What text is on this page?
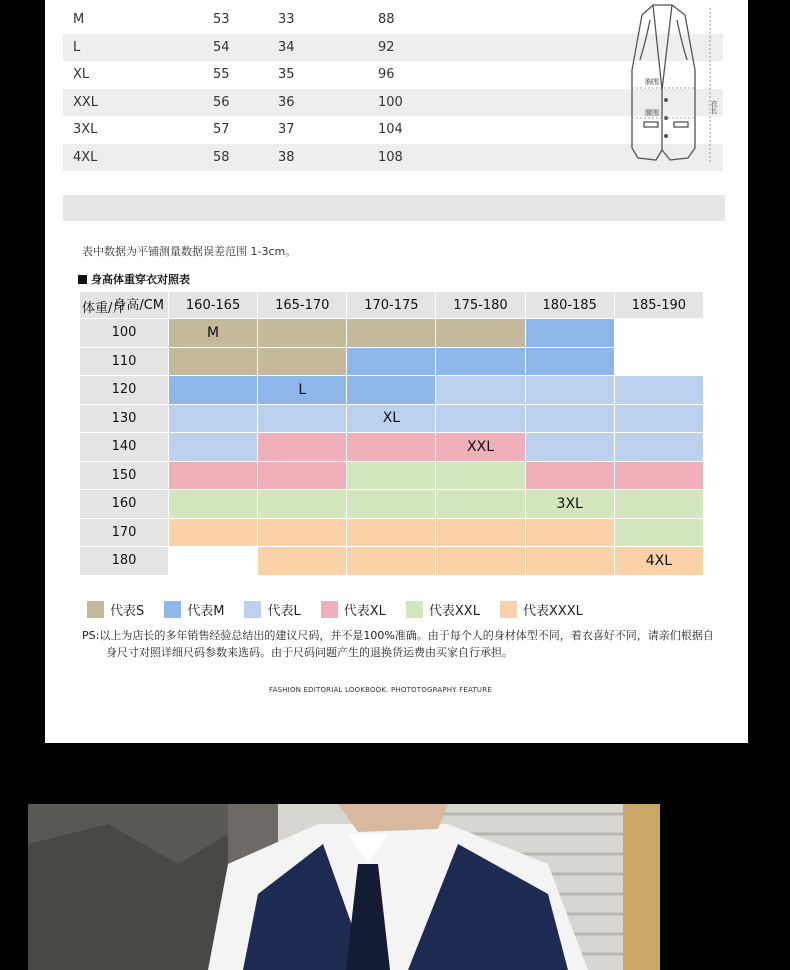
M	53	33	88
L	54	34	92
XL	55	35	96
XXL	56	36	100
3XL	57	37	104
4XL	58	38	108
胸围
腰围	衣长
表中数据为平铺测量数据误差范围 1-3cm。
身高体重穿衣对照表
身高/CM
体重/斤	160-165	165-170	170-175	175-180	180-185	185-190
100	M					
110						
120		L				
130			XL			
140				XXL		
150						
160					3XL	
170						
180						4XL
代表S	代表M	代表L	代表XL	代表XXL	代表XXXL
PS:以上为店长的多年销售经验总结出的建议尺码，并不是100%准确。由于每个人的身材体型不同，着衣喜好不同，请亲们根据自
身尺寸对照详细尺码参数来选码。由于尺码问题产生的退换货运费由买家自行承担。
FASHION EDITORIAL LOOKBOOK. PHOTOTOGRAPHY FEATURE
